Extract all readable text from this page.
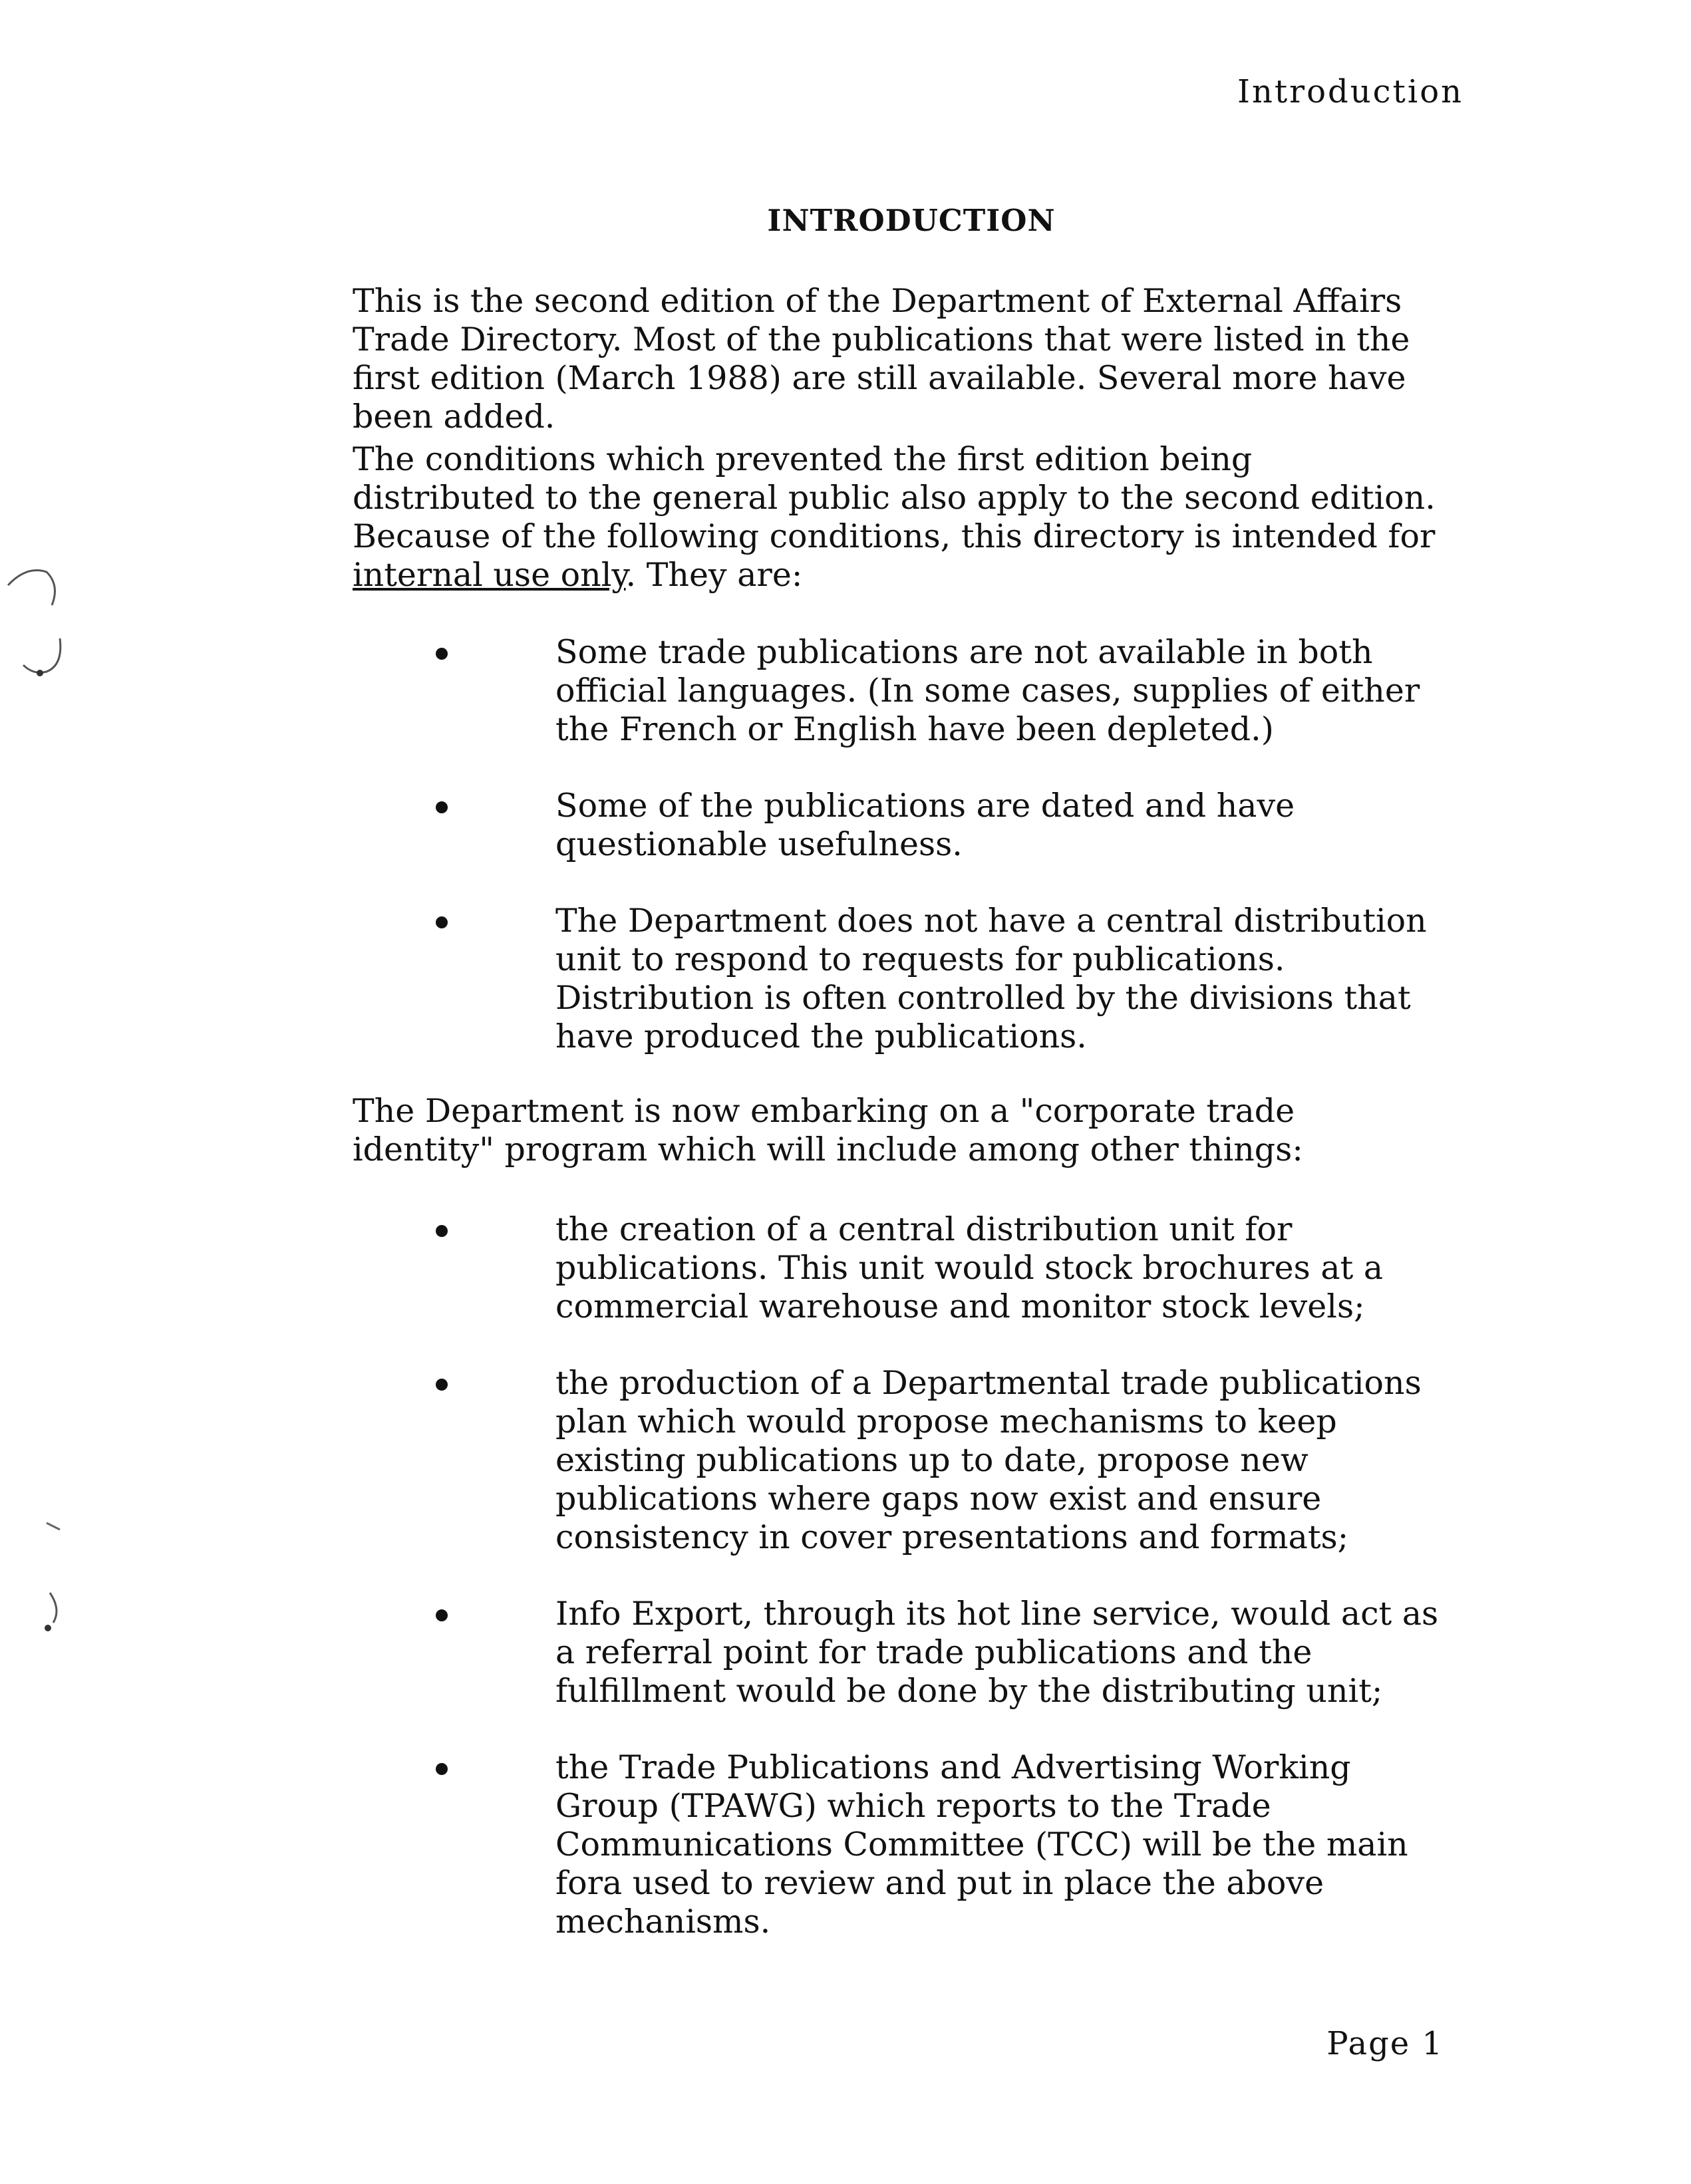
Introduction
INTRODUCTION

This is the second edition of the Department of External Affairs Trade Directory. Most of the publications that were listed in the first edition (March 1988) are still available. Several more have been added.

The conditions which prevented the first edition being distributed to the general public also apply to the second edition. Because of the following conditions, this directory is intended for internal use only. They are:

Some trade publications are not available in both official languages. (In some cases, supplies of either the French or English have been depleted.)
Some of the publications are dated and have questionable usefulness.
The Department does not have a central distribution unit to respond to requests for publications. Distribution is often controlled by the divisions that have produced the publications.

The Department is now embarking on a "corporate trade identity" program which will include among other things:

the creation of a central distribution unit for publications. This unit would stock brochures at a commercial warehouse and monitor stock levels;
the production of a Departmental trade publications plan which would propose mechanisms to keep existing publications up to date, propose new publications where gaps now exist and ensure consistency in cover presentations and formats;
Info Export, through its hot line service, would act as a referral point for trade publications and the fulfillment would be done by the distributing unit;
the Trade Publications and Advertising Working Group (TPAWG) which reports to the Trade Communications Committee (TCC) will be the main fora used to review and put in place the above mechanisms.
Page 1
